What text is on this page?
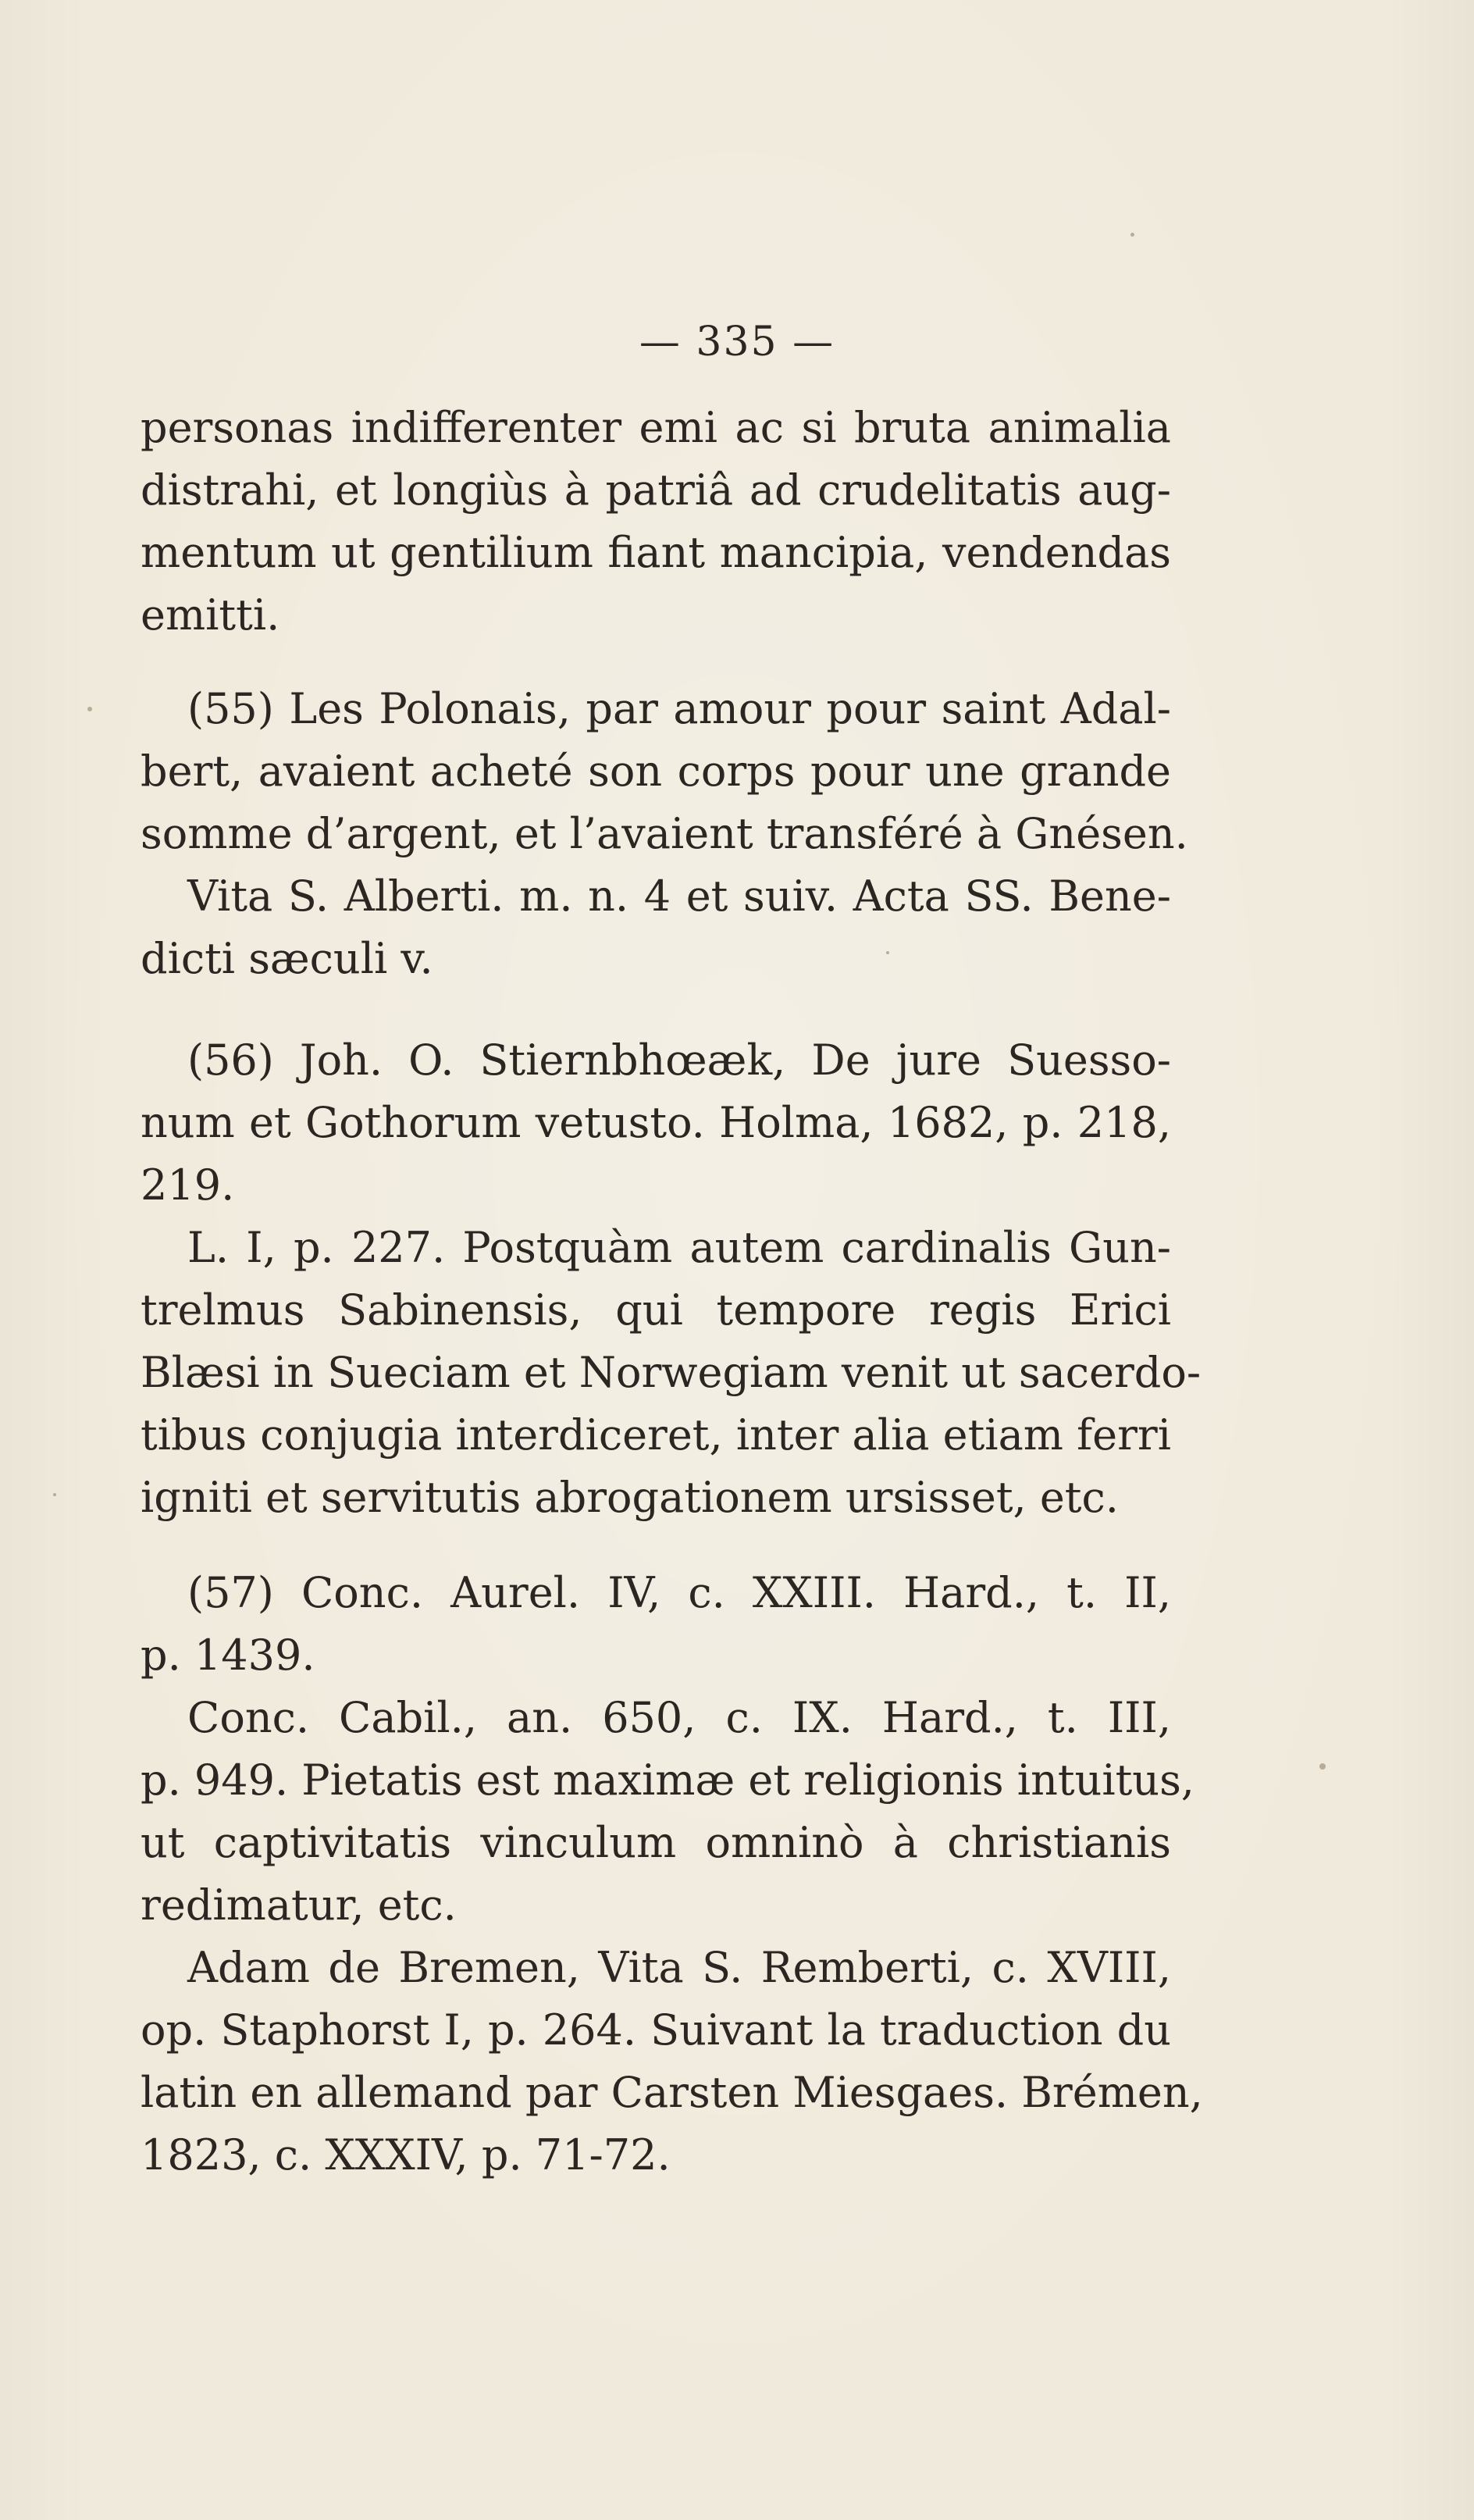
— 335 —
personas indifferenter emi ac si bruta animalia
distrahi, et longiùs à patriâ ad crudelitatis aug-
mentum ut gentilium fiant mancipia, vendendas
emitti.
(55) Les Polonais, par amour pour saint Adal-
bert, avaient acheté son corps pour une grande
somme d’argent, et l’avaient transféré à Gnésen.
Vita S. Alberti. m. n. 4 et suiv. Acta SS. Bene-
dicti sæculi v.
(56) Joh. O. Stiernbhœæk, De jure Suesso-
num et Gothorum vetusto. Holma, 1682, p. 218,
219.
L. I, p. 227. Postquàm autem cardinalis Gun-
trelmus Sabinensis, qui tempore regis Erici
Blæsi in Sueciam et Norwegiam venit ut sacerdo-
tibus conjugia interdiceret, inter alia etiam ferri
igniti et servitutis abrogationem ursisset, etc.
(57) Conc. Aurel. IV, c. XXIII. Hard., t. II,
p. 1439.
Conc. Cabil., an. 650, c. IX. Hard., t. III,
p. 949. Pietatis est maximæ et religionis intuitus,
ut captivitatis vinculum omninò à christianis
redimatur, etc.
Adam de Bremen, Vita S. Remberti, c. XVIII,
op. Staphorst I, p. 264. Suivant la traduction du
latin en allemand par Carsten Miesgaes. Brémen,
1823, c. XXXIV, p. 71-72.
